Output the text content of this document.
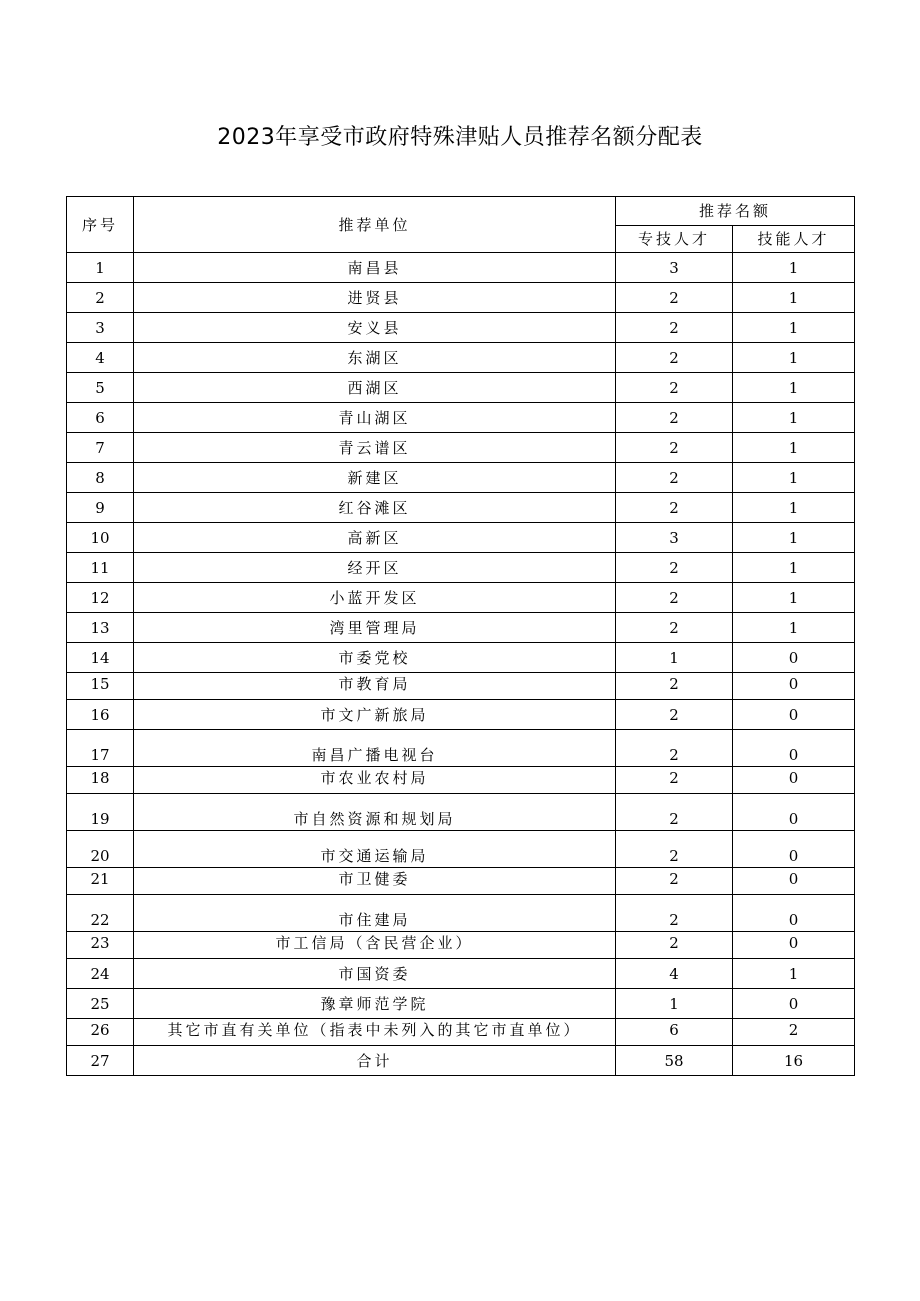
2023年享受市政府特殊津贴人员推荐名额分配表
序号	推荐单位	推荐名额	
		专技人才	技能人才
1	南昌县	3	1
2	进贤县	2	1
3	安义县	2	1
4	东湖区	2	1
5	西湖区	2	1
6	青山湖区	2	1
7	青云谱区	2	1
8	新建区	2	1
9	红谷滩区	2	1
10	高新区	3	1
11	经开区	2	1
12	小蓝开发区	2	1
13	湾里管理局	2	1
14	市委党校	1	0
15	市教育局	2	0
16	市文广新旅局	2	0
17	南昌广播电视台	2	0
18	市农业农村局	2	0
19	市自然资源和规划局	2	0
20	市交通运输局	2	0
21	市卫健委	2	0
22	市住建局	2	0
23	市工信局（含民营企业）	2	0
24	市国资委	4	1
25	豫章师范学院	1	0
26	其它市直有关单位（指表中未列入的其它市直单位）	6	2
27	合计	58	16
